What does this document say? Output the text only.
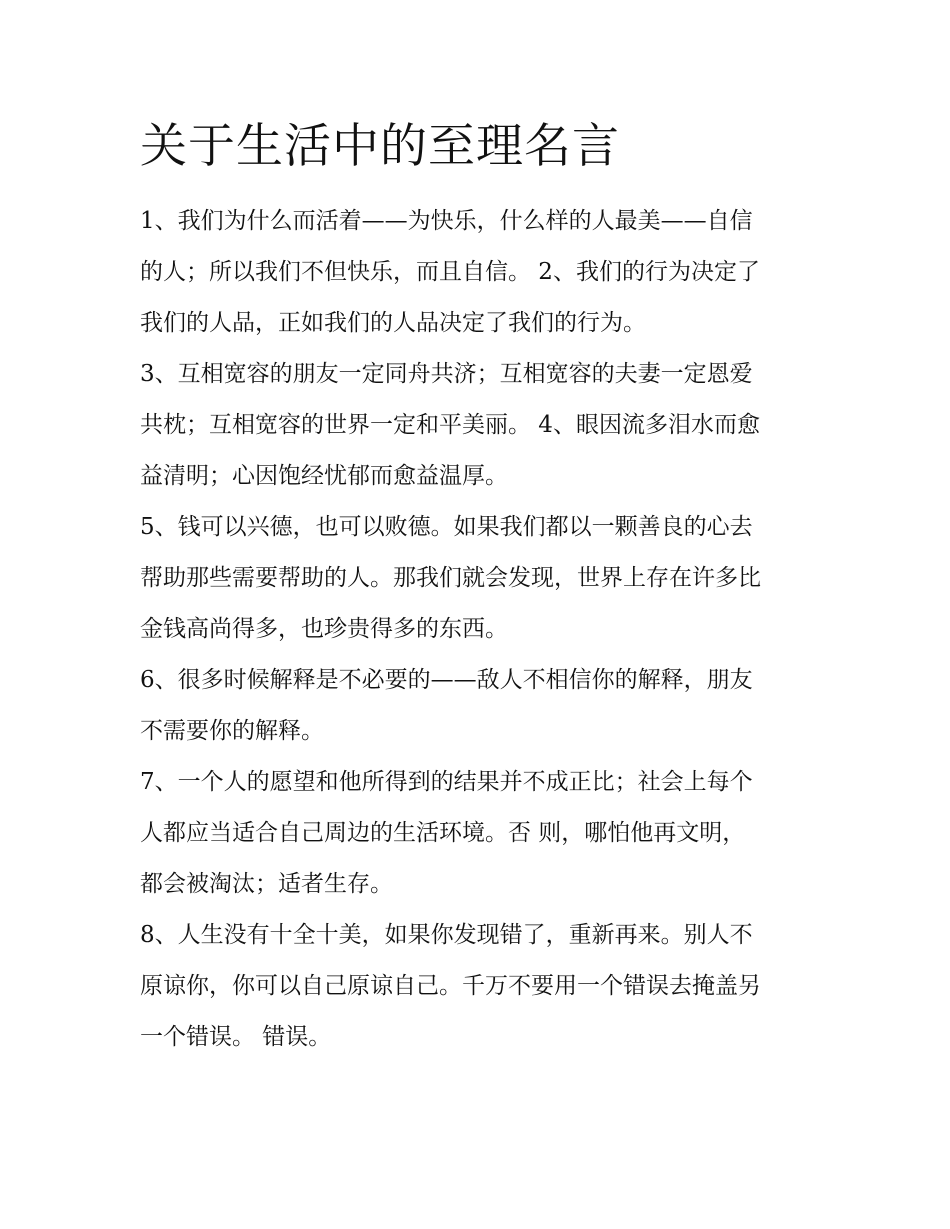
关于生活中的至理名言

1、我们为什么而活着——为快乐，什么样的人最美——自信
的人；所以我们不但快乐，而且自信。 2、我们的行为决定了
我们的人品，正如我们的人品决定了我们的行为。

3、互相宽容的朋友一定同舟共济；互相宽容的夫妻一定恩爱
共枕；互相宽容的世界一定和平美丽。 4、眼因流多泪水而愈
益清明；心因饱经忧郁而愈益温厚。

5、钱可以兴德，也可以败德。如果我们都以一颗善良的心去
帮助那些需要帮助的人。那我们就会发现，世界上存在许多比
金钱高尚得多，也珍贵得多的东西。

6、很多时候解释是不必要的——敌人不相信你的解释，朋友
不需要你的解释。

7、一个人的愿望和他所得到的结果并不成正比；社会上每个
人都应当适合自己周边的生活环境。否 则，哪怕他再文明，
都会被淘汰；适者生存。

8、人生没有十全十美，如果你发现错了，重新再来。别人不
原谅你，你可以自己原谅自己。千万不要用一个错误去掩盖另
一个错误。 错误。
